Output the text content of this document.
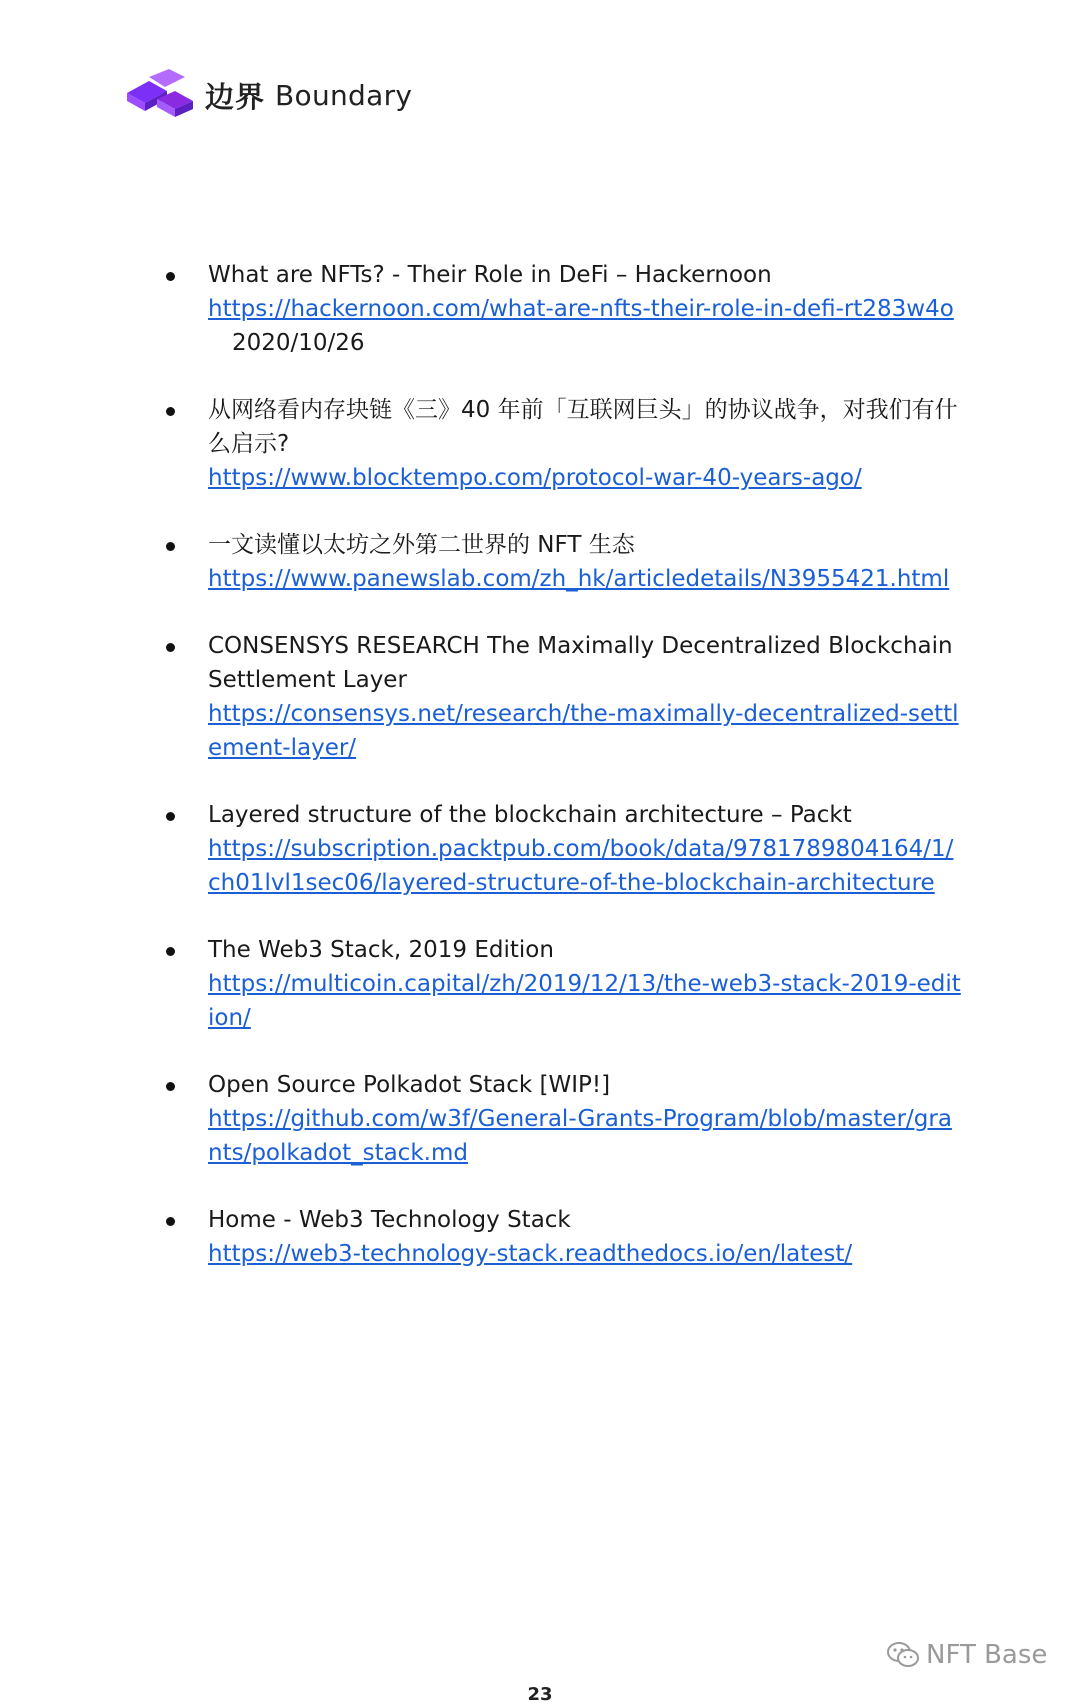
边界 Boundary
What are NFTs? - Their Role in DeFi – Hackernoon
https://hackernoon.com/what-are-nfts-their-role-in-defi-rt283w4o2020/10/26
从网络看内存块链《三》40 年前「互联网巨头」的协议战争，对我们有什么启示?
https://www.blocktempo.com/protocol-war-40-years-ago/
一文读懂以太坊之外第二世界的 NFT 生态
https://www.panewslab.com/zh_hk/articledetails/N3955421.html
CONSENSYS RESEARCH The Maximally Decentralized Blockchain Settlement Layer
https://consensys.net/research/the-maximally-decentralized-settlement-layer/
Layered structure of the blockchain architecture – Packt
https://subscription.packtpub.com/book/data/9781789804164/1/ch01lvl1sec06/layered-structure-of-the-blockchain-architecture
The Web3 Stack, 2019 Edition
https://multicoin.capital/zh/2019/12/13/the-web3-stack-2019-edition/
Open Source Polkadot Stack [WIP!]
https://github.com/w3f/General-Grants-Program/blob/master/grants/polkadot_stack.md
Home - Web3 Technology Stack
https://web3-technology-stack.readthedocs.io/en/latest/
NFT Base
23
